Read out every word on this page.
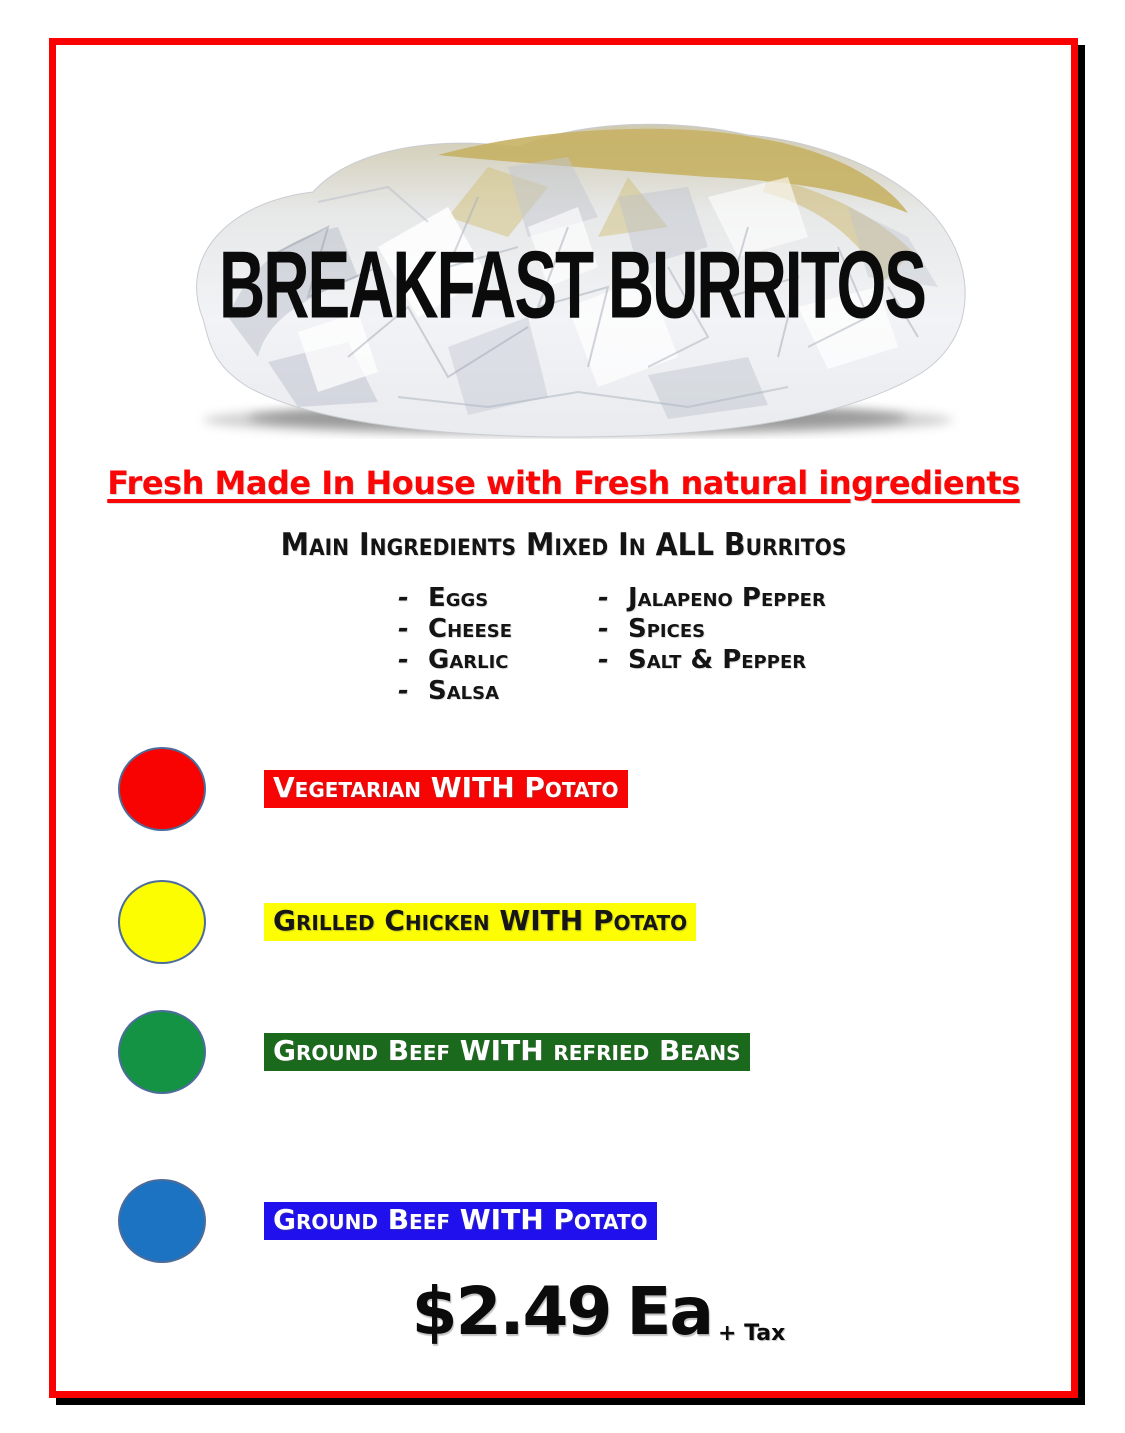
BREAKFAST BURRITOS
Fresh Made In House with Fresh natural ingredients
Main Ingredients Mixed In ALL Burritos
- Eggs
- Cheese
- Garlic
- Salsa
- Jalapeno Pepper
- Spices
- Salt & Pepper
Vegetarian WITH Potato
Grilled Chicken WITH Potato
Ground Beef WITH refried Beans
Ground Beef WITH Potato
$2.49 Ea + Tax
